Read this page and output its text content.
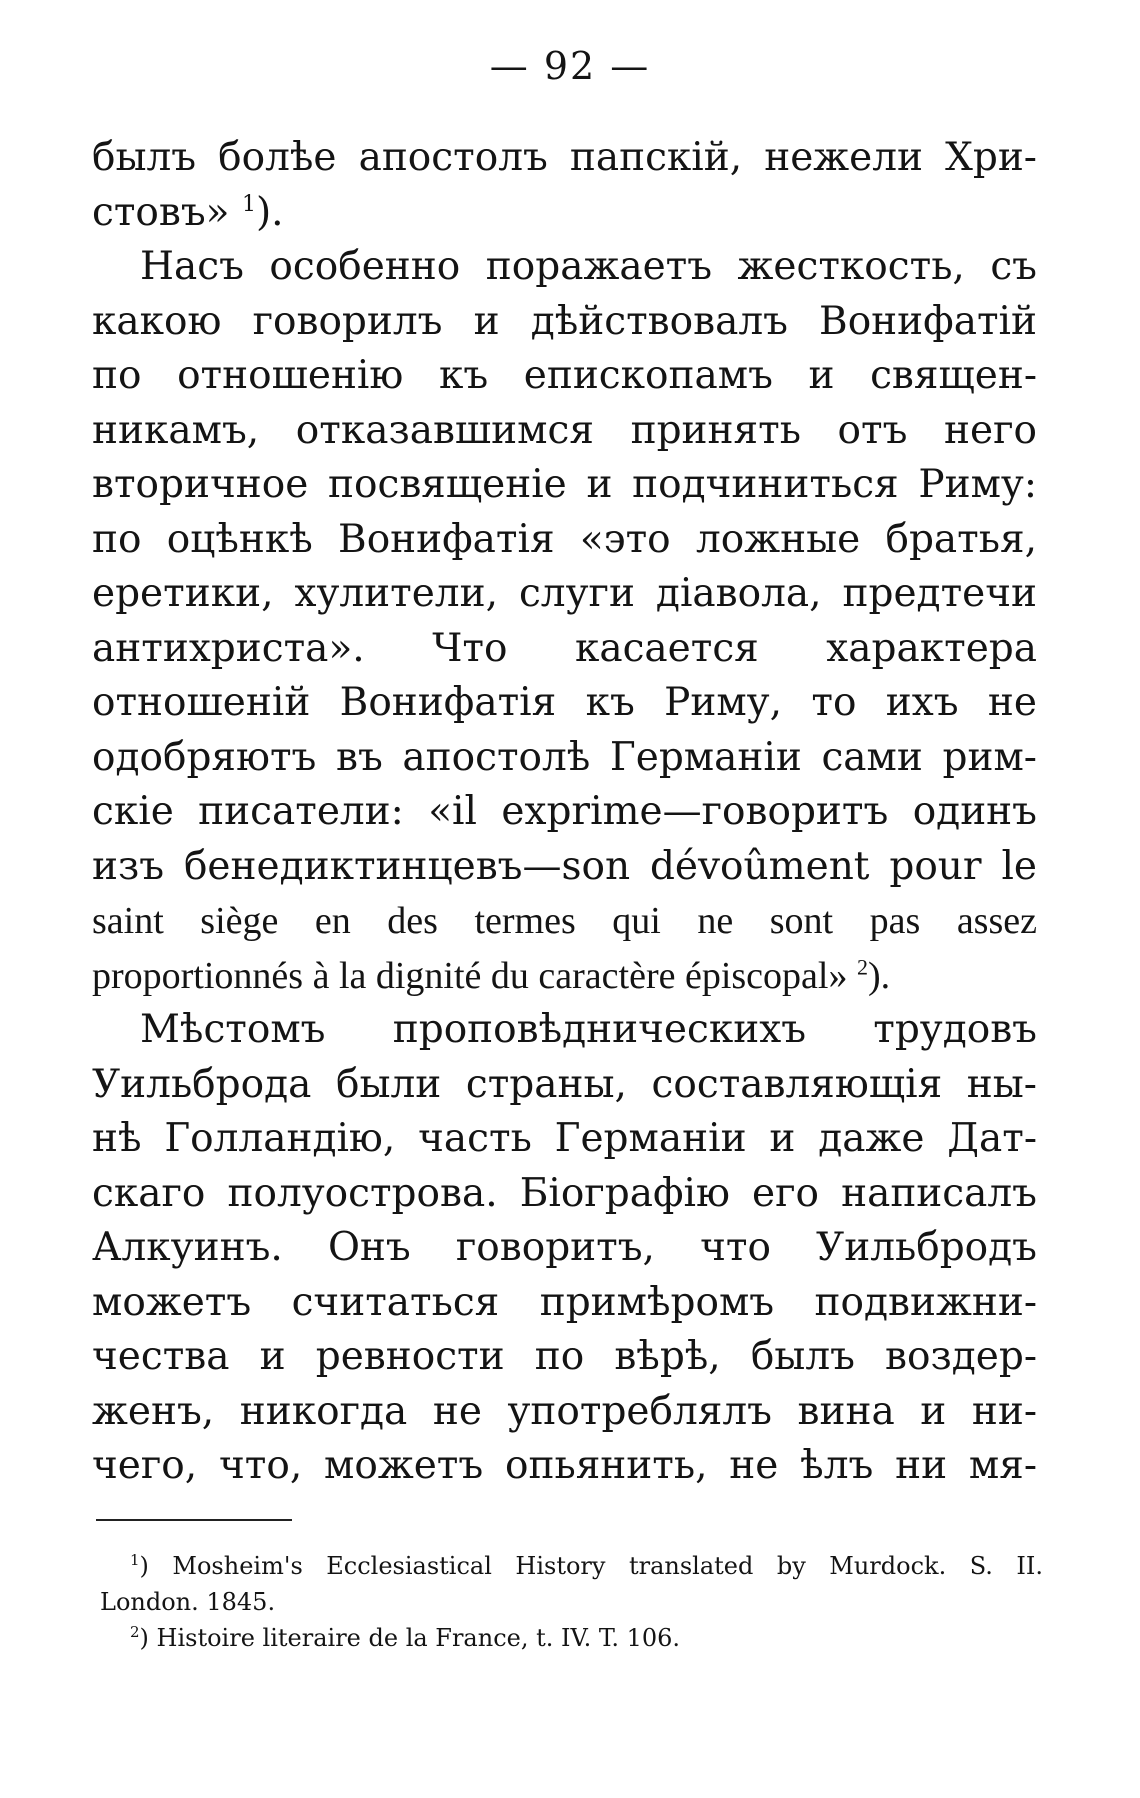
— 92 —
былъ болѣе апостолъ папскій, нежели Хри-
стовъ» $^1$).
Насъ особенно поражаетъ жесткость, съ
какою говорилъ и дѣйствовалъ Вонифатій
по отношенію къ епископамъ и священ-
никамъ, отказавшимся принять отъ него
вторичное посвященіе и подчиниться Риму:
по оцѣнкѣ Вонифатія «это ложные братья,
еретики, хулители, слуги діавола, предтечи
антихриста». Что касается характера
отношеній Вонифатія къ Риму, то ихъ не
одобряютъ въ апостолѣ Германіи сами рим-
скіе писатели: «il exprime—говоритъ одинъ
изъ бенедиктинцевъ—son dévoûment pour le
saint siège en des termes qui ne sont pas assez
proportionnés à la dignité du caractère épiscopal» $^2$).
Мѣстомъ проповѣдническихъ трудовъ
Уильброда были страны, составляющія ны-
нѣ Голландію, часть Германіи и даже Дат-
скаго полуострова. Біографію его написалъ
Алкуинъ. Онъ говоритъ, что Уильбродъ
можетъ считаться примѣромъ подвижни-
чества и ревности по вѣрѣ, былъ воздер-
женъ, никогда не употреблялъ вина и ни-
чего, что, можетъ опьянить, не ѣлъ ни мя-
$^1$) Mosheim's Ecclesiastical History translated by Murdock. S. II.
London. 1845.
$^2$) Histoire literaire de la France, t. IV. T. 106.
